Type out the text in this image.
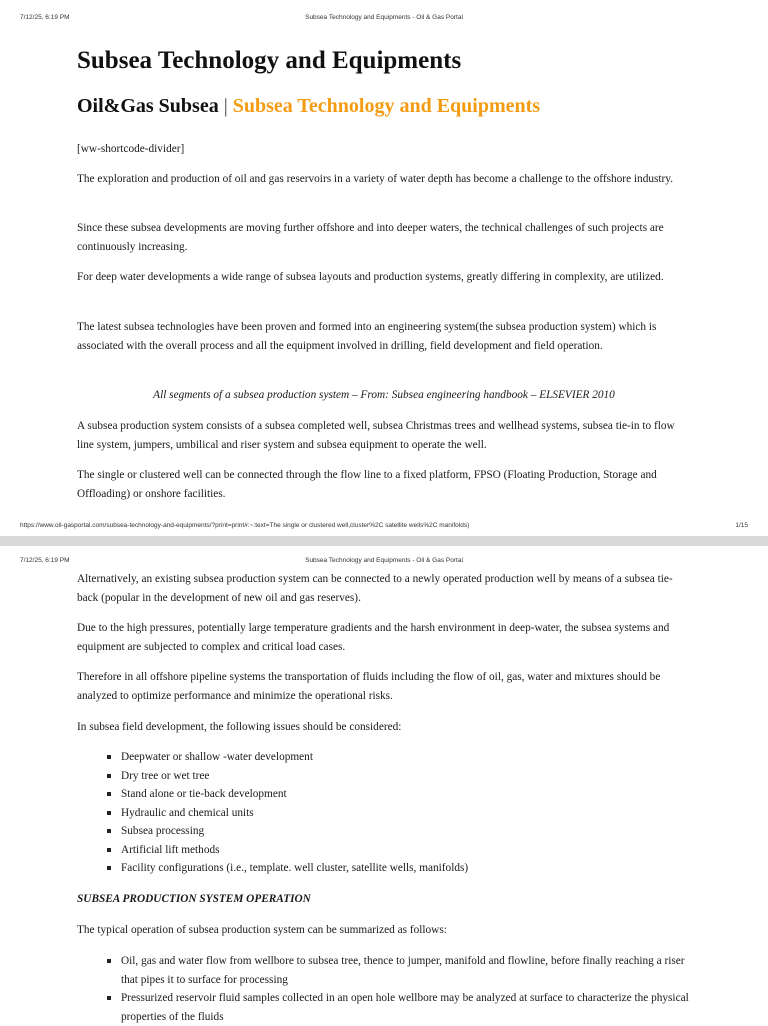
7/12/25, 6:19 PM	Subsea Technology and Equipments - Oil & Gas Portal
Subsea Technology and Equipments
Oil&Gas Subsea | Subsea Technology and Equipments

[ww-shortcode-divider]

The exploration and production of oil and gas reservoirs in a variety of water depth has become a challenge to the offshore industry.

Since these subsea developments are moving further offshore and into deeper waters, the technical challenges of such projects are continuously increasing.

For deep water developments a wide range of subsea layouts and production systems, greatly differing in complexity, are utilized.

The latest subsea technologies have been proven and formed into an engineering system(the subsea production system) which is associated with the overall process and all the equipment involved in drilling, field development and field operation.

All segments of a subsea production system – From: Subsea engineering handbook – ELSEVIER 2010

A subsea production system consists of a subsea completed well, subsea Christmas trees and wellhead systems, subsea tie-in to flow line system, jumpers, umbilical and riser system and subsea equipment to operate the well.

The single or clustered well can be connected through the flow line to a fixed platform, FPSO (Floating Production, Storage and Offloading) or onshore facilities.

https://www.oil-gasportal.com/subsea-technology-and-equipments/?print=print#:~:text=The single or clustered well,cluster%2C satellite wells%2C manifolds)	1/15
7/12/25, 6:19 PM	Subsea Technology and Equipments - Oil & Gas Portal

Alternatively, an existing subsea production system can be connected to a newly operated production well by means of a subsea tie-back (popular in the development of new oil and gas reserves).

Due to the high pressures, potentially large temperature gradients and the harsh environment in deep-water, the subsea systems and equipment are subjected to complex and critical load cases.

Therefore in all offshore pipeline systems the transportation of fluids including the flow of oil, gas, water and mixtures should be analyzed to optimize performance and minimize the operational risks.

In subsea field development, the following issues should be considered:

Deepwater or shallow -water development
Dry tree or wet tree
Stand alone or tie-back development
Hydraulic and chemical units
Subsea processing
Artificial lift methods
Facility configurations (i.e., template. well cluster, satellite wells, manifolds)

SUBSEA PRODUCTION SYSTEM OPERATION

The typical operation of subsea production system can be summarized as follows:

Oil, gas and water flow from wellbore to subsea tree, thence to jumper, manifold and flowline, before finally reaching a riser that pipes it to surface for processing
Pressurized reservoir fluid samples collected in an open hole wellbore may be analyzed at surface to characterize the physical properties of the fluids
